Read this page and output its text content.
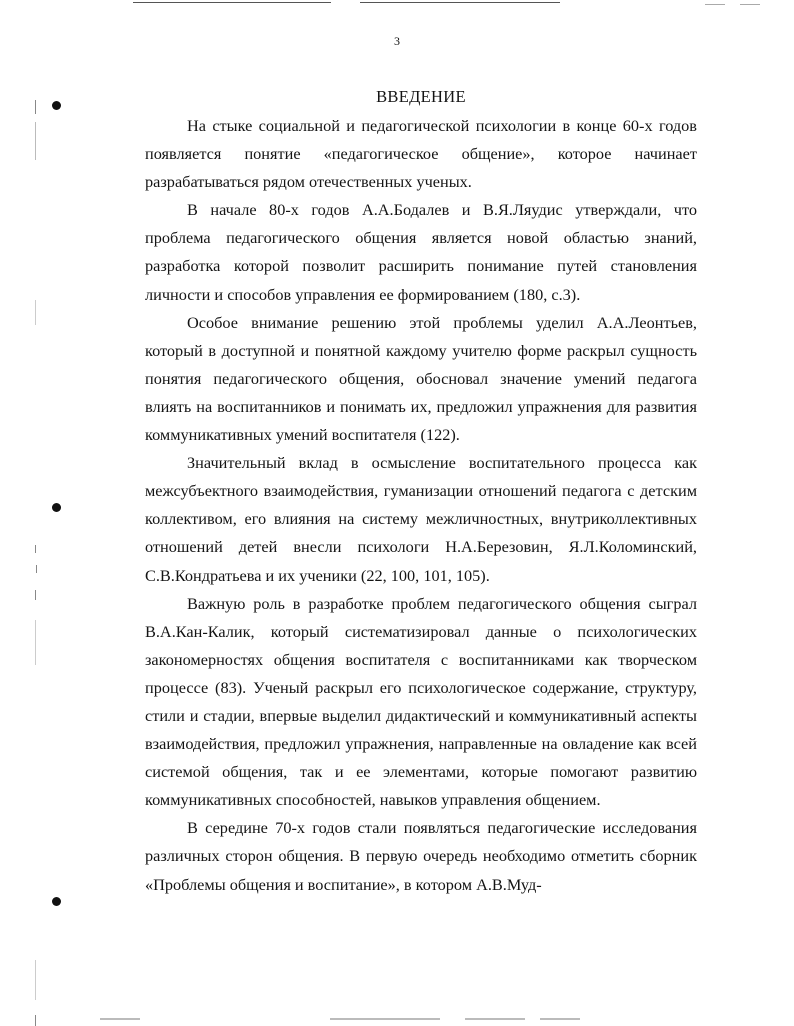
3
ВВЕДЕНИЕ

На стыке социальной и педагогической психологии в конце 60-х годов появляется понятие «педагогическое общение», которое начинает разрабатываться рядом отечественных ученых.

В начале 80-х годов А.А.Бодалев и В.Я.Ляудис утверждали, что проблема педагогического общения является новой областью знаний, разработка которой позволит расширить понимание путей становления личности и способов управления ее формированием (180, с.3).

Особое внимание решению этой проблемы уделил А.А.Леонтьев, который в доступной и понятной каждому учителю форме раскрыл сущность понятия педагогического общения, обосновал значение умений педагога влиять на воспитанников и понимать их, предложил упражнения для развития коммуникативных умений воспитателя (122).

Значительный вклад в осмысление воспитательного процесса как межсубъектного взаимодействия, гуманизации отношений педагога с детским коллективом, его влияния на систему межличностных, внутриколлективных отношений детей внесли психологи Н.А.Березовин, Я.Л.Коломинский, С.В.Кондратьева и их ученики (22, 100, 101, 105).

Важную роль в разработке проблем педагогического общения сыграл В.А.Кан-Калик, который систематизировал данные о психологических закономерностях общения воспитателя с воспитанниками как творческом процессе (83). Ученый раскрыл его психологическое содержание, структуру, стили и стадии, впервые выделил дидактический и коммуникативный аспекты взаимодействия, предложил упражнения, направленные на овладение как всей системой общения, так и ее элементами, которые помогают развитию коммуникативных способностей, навыков управления общением.

В середине 70-х годов стали появляться педагогические исследования различных сторон общения. В первую очередь необходимо отметить сборник «Проблемы общения и воспитание», в котором А.В.Муд-
